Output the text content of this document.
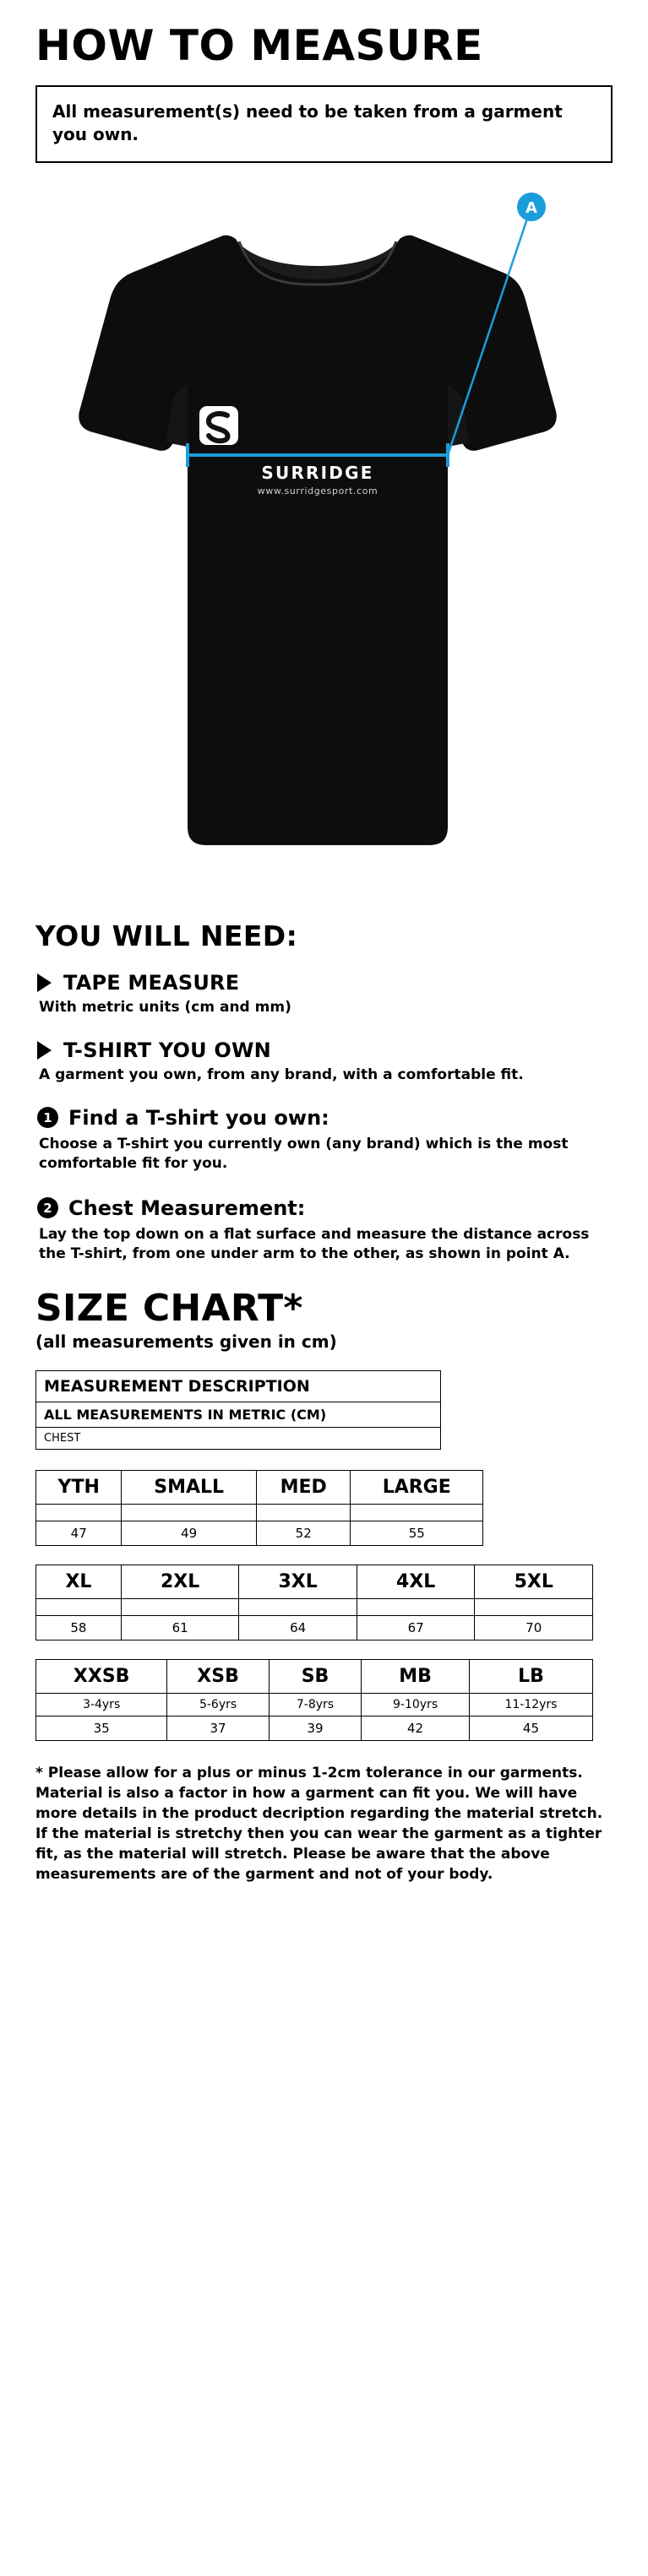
HOW TO MEASURE
All measurement(s) need to be taken from a garment you own.
SURRIDGE
www.surridgesport.com
A
YOU WILL NEED:
TAPE MEASURE
With metric units (cm and mm)
T-SHIRT YOU OWN
A garment you own, from any brand, with a comfortable fit.
1 Find a T-shirt you own:
Choose a T-shirt you currently own (any brand) which is the most comfortable fit for you.
2 Chest Measurement:
Lay the top down on a flat surface and measure the distance across the T-shirt, from one under arm to the other, as shown in point A.
SIZE CHART*
(all measurements given in cm)
MEASUREMENT DESCRIPTION
ALL MEASUREMENTS IN METRIC (CM)
CHEST
YTH	SMALL	MED	LARGE

47	49	52	55
XL	2XL	3XL	4XL	5XL

58	61	64	67	70
XXSB	XSB	SB	MB	LB
3-4yrs	5-6yrs	7-8yrs	9-10yrs	11-12yrs
35	37	39	42	45
* Please allow for a plus or minus 1-2cm tolerance in our garments. Material is also a factor in how a garment can fit you. We will have more details in the product decription regarding the material stretch. If the material is stretchy then you can wear the garment as a tighter fit, as the material will stretch. Please be aware that the above measurements are of the garment and not of your body.
